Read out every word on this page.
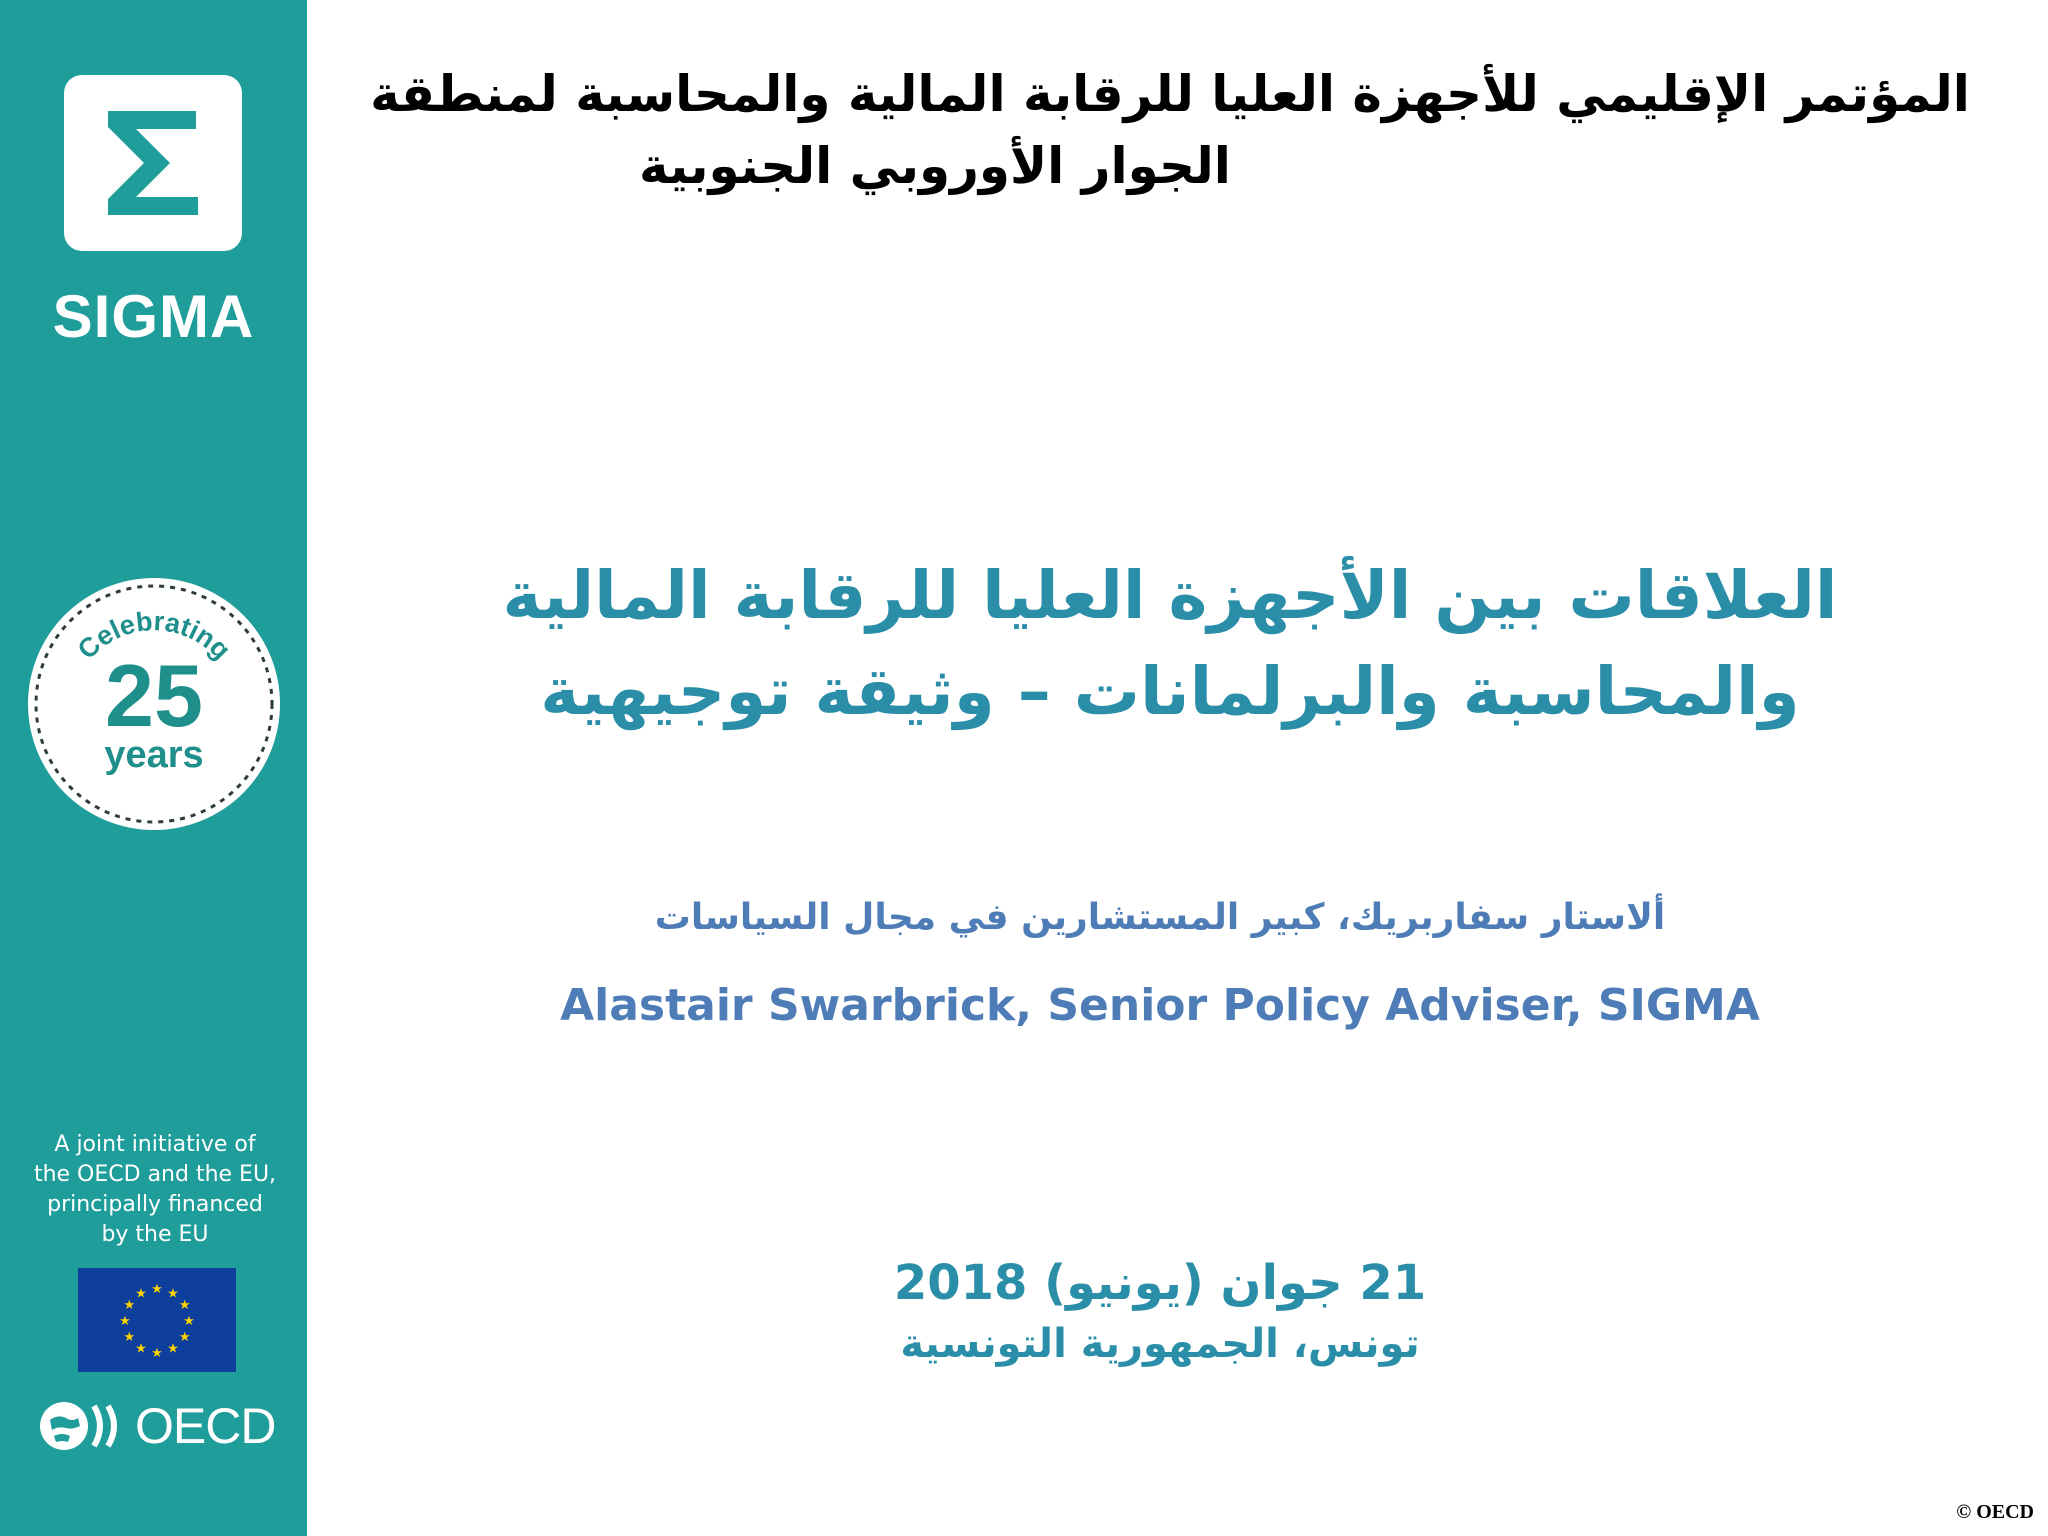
SIGMA
Celebrating
25
years
A joint initiative of
the OECD and the EU,
principally financed
by the EU
★ ★
★
★
★
★
★
★
★
★
★
★
OECD
المؤتمر الإقليمي للأجهزة العليا للرقابة المالية والمحاسبة لمنطقة
الجوار الأوروبي الجنوبية
العلاقات بين الأجهزة العليا للرقابة المالية
والمحاسبة والبرلمانات – وثيقة توجيهية
ألاستار سفاربريك، كبير المستشارين في مجال السياسات
Alastair Swarbrick, Senior Policy Adviser, SIGMA
21 جوان (يونيو) 2018
تونس، الجمهورية التونسية
© OECD
